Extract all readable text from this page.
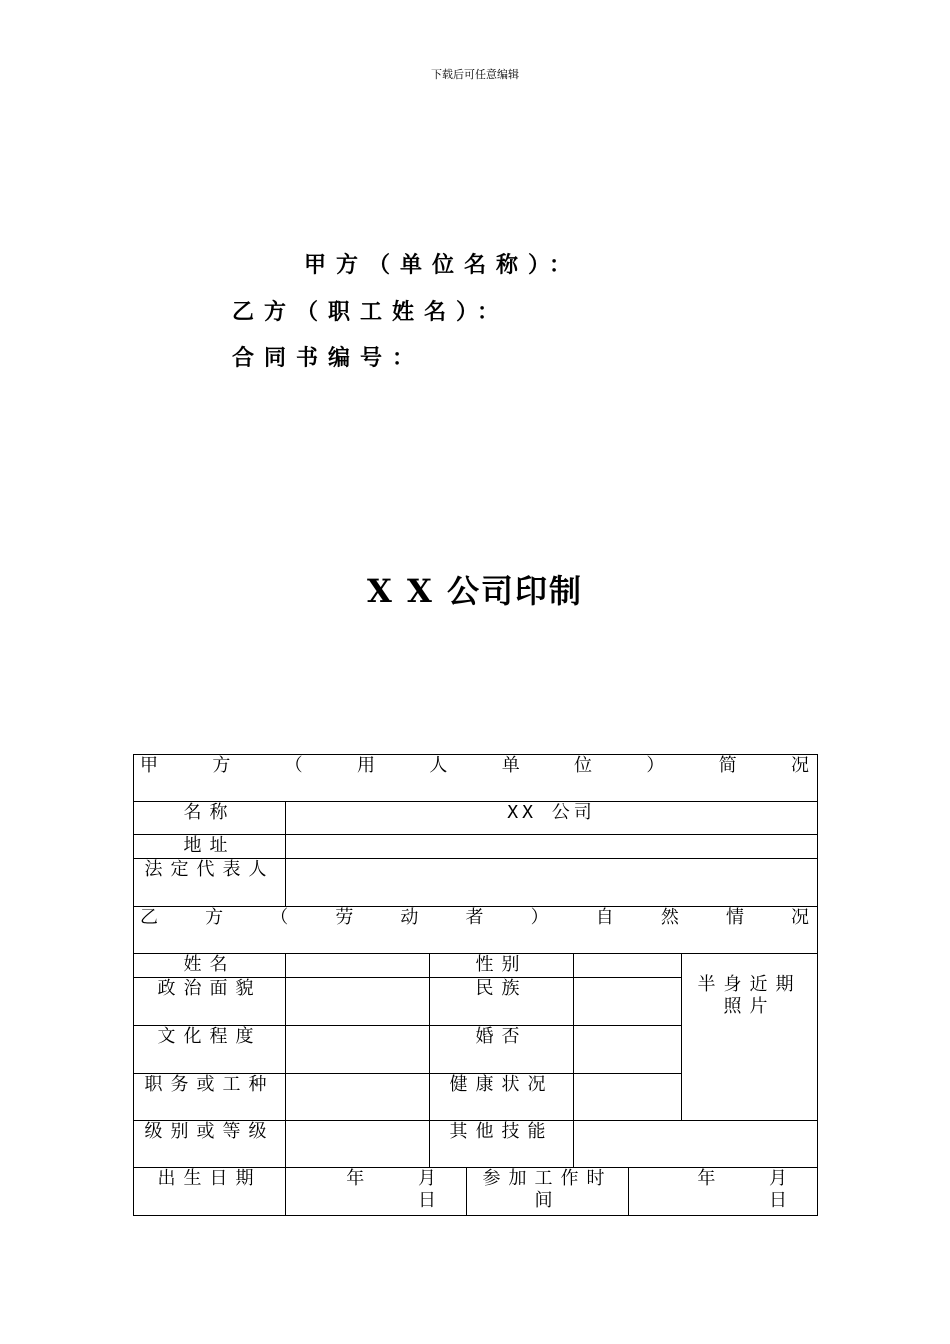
下载后可任意编辑
甲方（单位名称）：
乙方（职工姓名）：
合同书编号：
X X 公司印制
甲方（用人单位）简况						
名称	XX 公司					
地址						
法定代表人						
乙方（劳动者）自然情况						
姓名		性别				半身近期照片
政治面貌		民族				
文化程度		婚否				
职务或工种		健康状况				
级别或等级		其他技能				
出生日期	年 月 日		参加工作时间		年 月 日	
